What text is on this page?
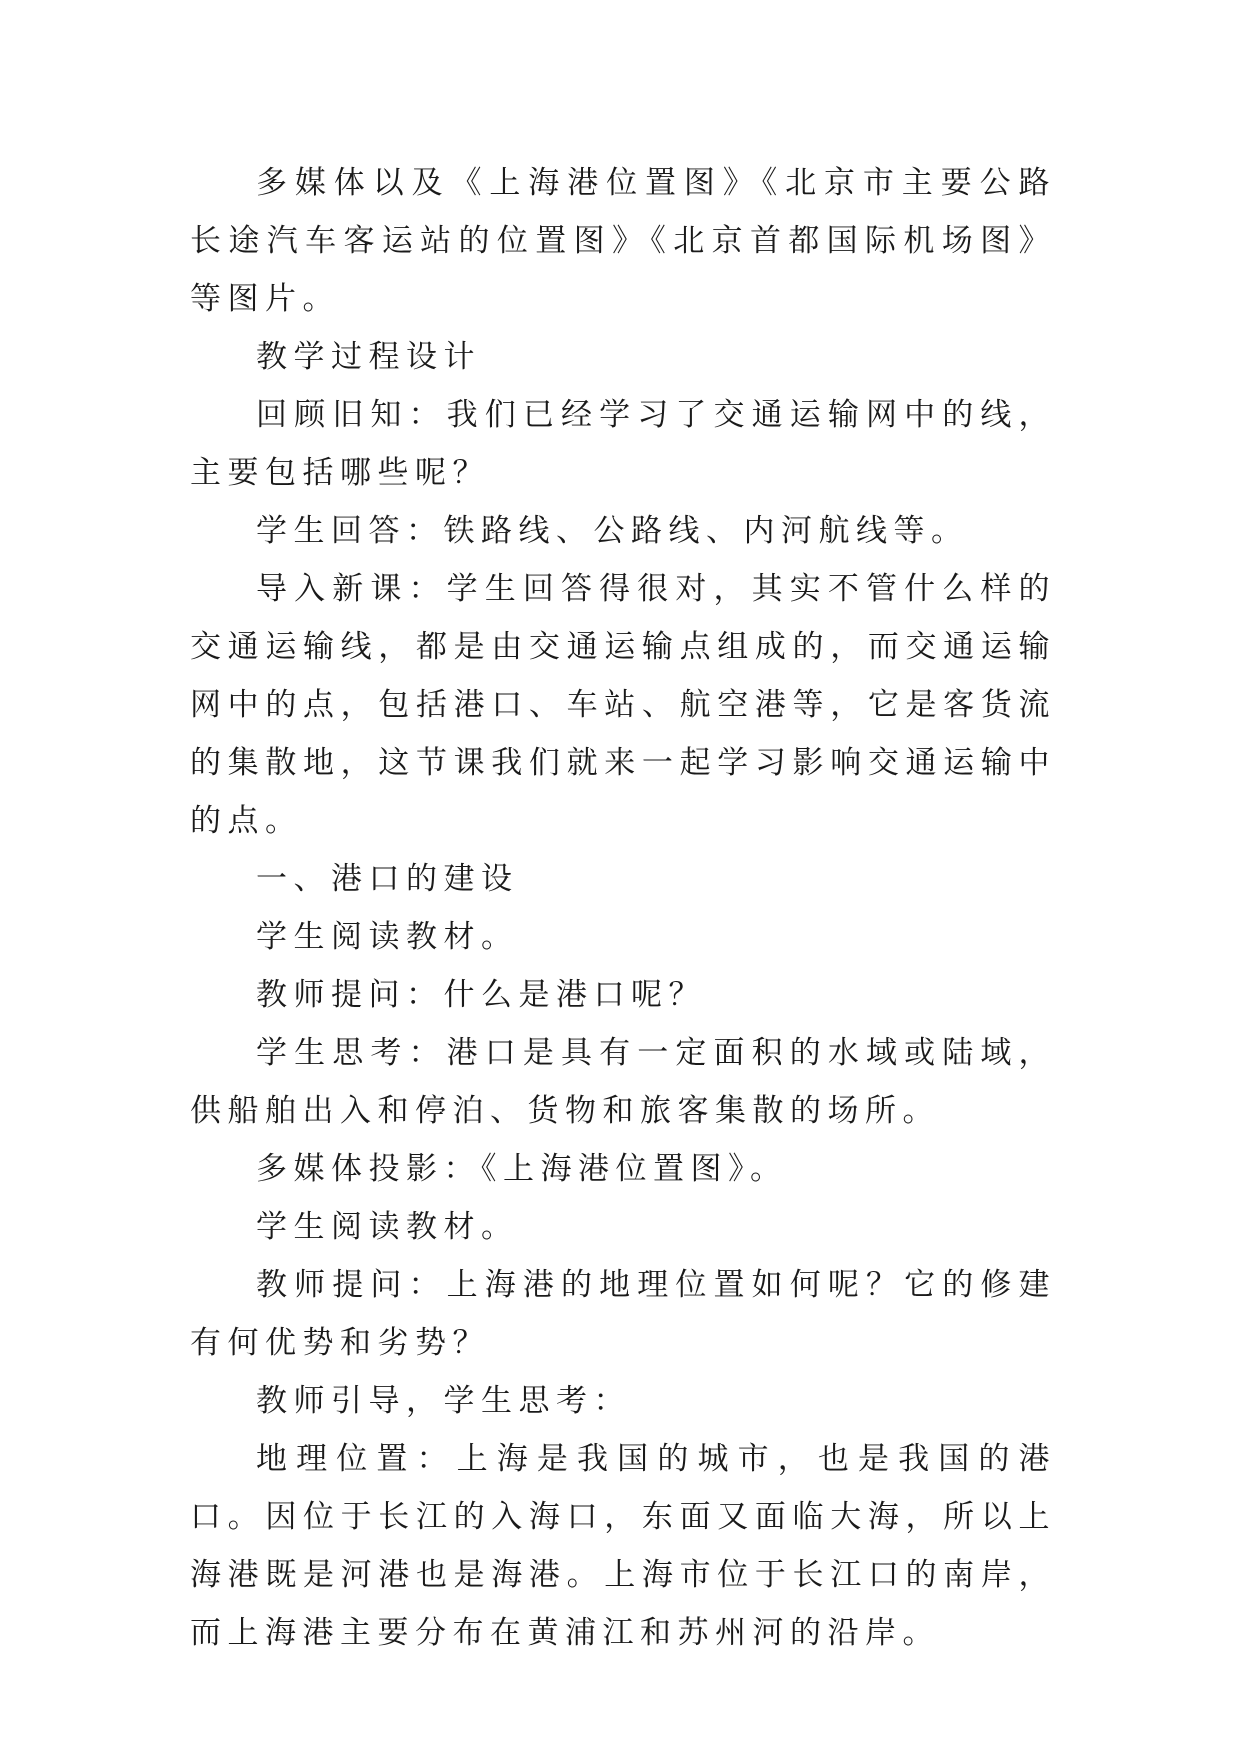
多媒体以及《上海港位置图》《北京市主要公路长途汽车客运站的位置图》《北京首都国际机场图》等图片。

教学过程设计

回顾旧知：我们已经学习了交通运输网中的线，主要包括哪些呢？

学生回答：铁路线、公路线、内河航线等。

导入新课：学生回答得很对，其实不管什么样的交通运输线，都是由交通运输点组成的，而交通运输网中的点，包括港口、车站、航空港等，它是客货流的集散地，这节课我们就来一起学习影响交通运输中的点。

一、港口的建设

学生阅读教材。

教师提问：什么是港口呢？

学生思考：港口是具有一定面积的水域或陆域，供船舶出入和停泊、货物和旅客集散的场所。

多媒体投影：《上海港位置图》。

学生阅读教材。

教师提问：上海港的地理位置如何呢？它的修建有何优势和劣势？

教师引导，学生思考：

地理位置：上海是我国的城市，也是我国的港口。因位于长江的入海口，东面又面临大海，所以上海港既是河港也是海港。上海市位于长江口的南岸，而上海港主要分布在黄浦江和苏州河的沿岸。
